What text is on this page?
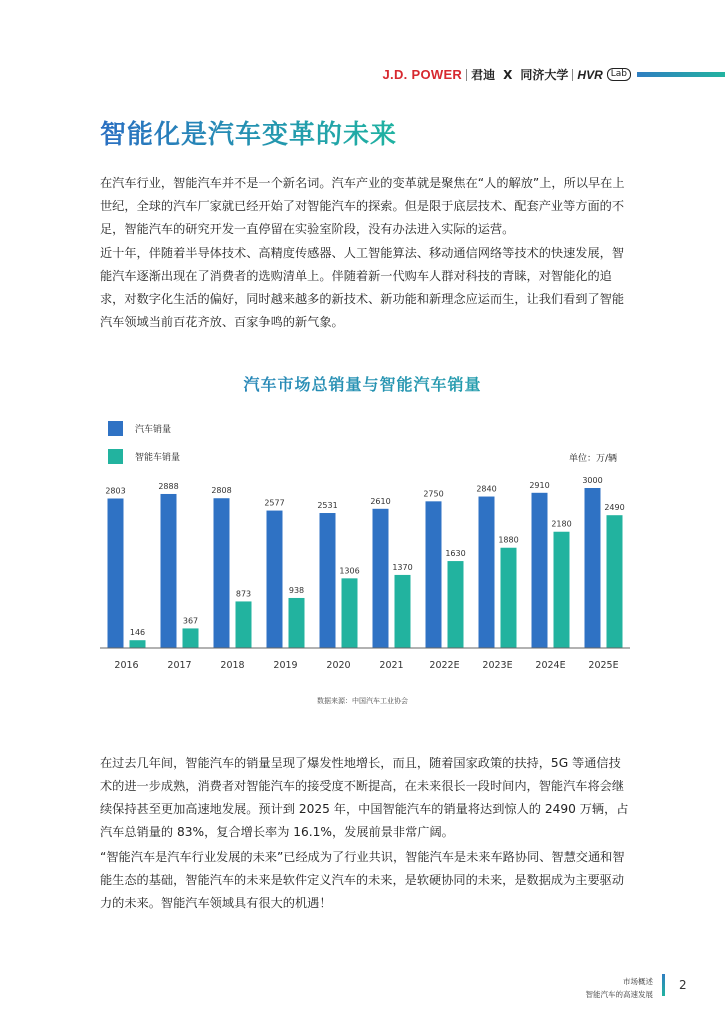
J.D. POWER 君迪 X 同济大学 HVR Lab
智能化是汽车变革的未来

在汽车行业，智能汽车并不是一个新名词。汽车产业的变革就是聚焦在“人的解放”上，所以早在上世纪，全球的汽车厂家就已经开始了对智能汽车的探索。但是限于底层技术、配套产业等方面的不足，智能汽车的研究开发一直停留在实验室阶段，没有办法进入实际的运营。

近十年，伴随着半导体技术、高精度传感器、人工智能算法、移动通信网络等技术的快速发展，智能汽车逐渐出现在了消费者的选购清单上。伴随着新一代购车人群对科技的青睐，对智能化的追求，对数字化生活的偏好，同时越来越多的新技术、新功能和新理念应运而生，让我们看到了智能汽车领域当前百花齐放、百家争鸣的新气象。

汽车市场总销量与智能汽车销量
汽车销量
智能车销量	单位：万/辆
2803
146
2016
2888
367
2017
2808
873
2018
2577
938
2019
2531
1306
2020
2610
1370
2021
2750
1630
2022E
2840
1880
2023E
2910
2180
2024E
3000
2490
2025E

数据来源：中国汽车工业协会

在过去几年间，智能汽车的销量呈现了爆发性地增长，而且，随着国家政策的扶持，5G 等通信技术的进一步成熟，消费者对智能汽车的接受度不断提高，在未来很长一段时间内，智能汽车将会继续保持甚至更加高速地发展。预计到 2025 年，中国智能汽车的销量将达到惊人的 2490 万辆，占汽车总销量的 83%，复合增长率为 16.1%，发展前景非常广阔。

“智能汽车是汽车行业发展的未来”已经成为了行业共识，智能汽车是未来车路协同、智慧交通和智能生态的基础，智能汽车的未来是软件定义汽车的未来，是软硬协同的未来，是数据成为主要驱动力的未来。智能汽车领域具有很大的机遇！

市场概述
智能汽车的高速发展
2
